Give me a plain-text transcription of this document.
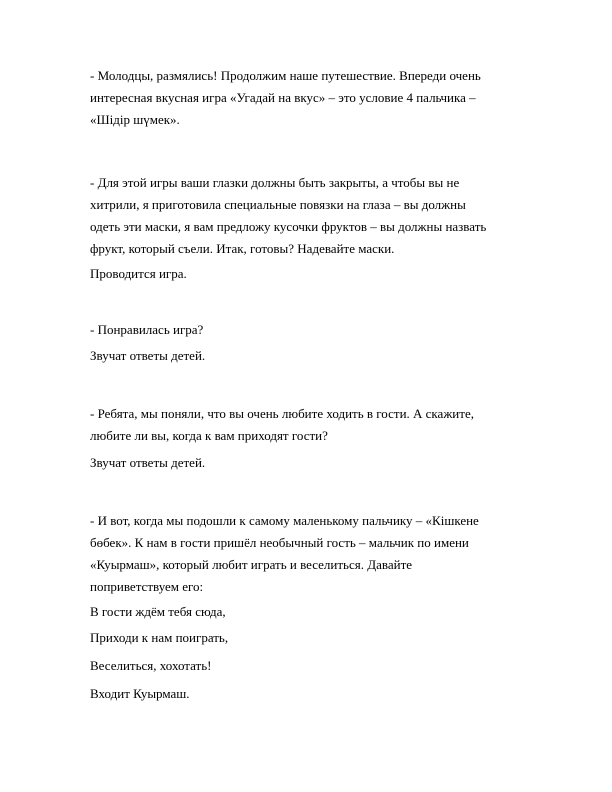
- Молодцы, размялись! Продолжим наше путешествие. Впереди очень
интересная вкусная игра «Угадай на вкус» – это условие 4 пальчика –
«Шідір шүмек».
- Для этой игры ваши глазки должны быть закрыты, а чтобы вы не
хитрили, я приготовила специальные повязки на глаза – вы должны
одеть эти маски, я вам предложу кусочки фруктов – вы должны назвать
фрукт, который съели. Итак, готовы? Надевайте маски.
Проводится игра.
- Понравилась игра?
Звучат ответы детей.
- Ребята, мы поняли, что вы очень любите ходить в гости. А скажите,
любите ли вы, когда к вам приходят гости?
Звучат ответы детей.
- И вот, когда мы подошли к самому маленькому пальчику – «Кішкене
бөбек». К нам в гости пришёл необычный гость – мальчик по имени
«Куырмаш», который любит играть и веселиться. Давайте
поприветствуем его:
В гости ждём тебя сюда,
Приходи к нам поиграть,
Веселиться, хохотать!
Входит Куырмаш.
